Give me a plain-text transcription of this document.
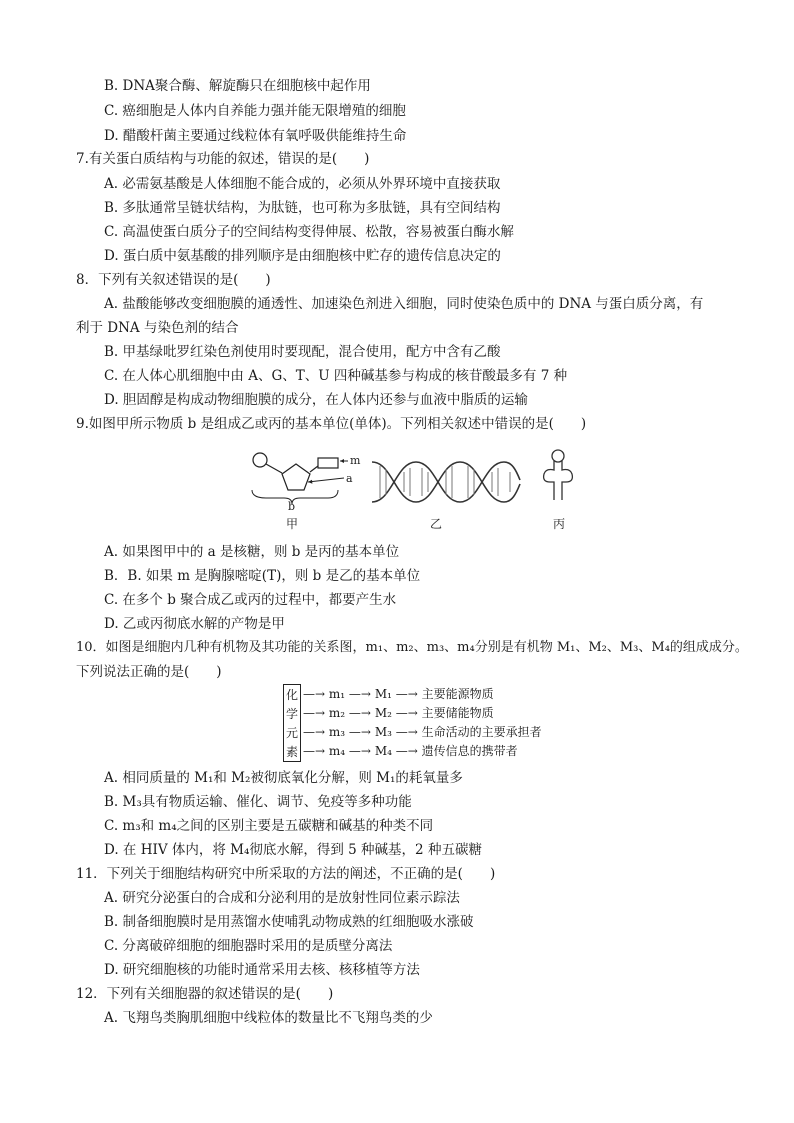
B. DNA聚合酶、解旋酶只在细胞核中起作用
C. 癌细胞是人体内自养能力强并能无限增殖的细胞
D. 醋酸杆菌主要通过线粒体有氧呼吸供能维持生命
7.有关蛋白质结构与功能的叙述，错误的是(　　)
A. 必需氨基酸是人体细胞不能合成的，必须从外界环境中直接获取
B. 多肽通常呈链状结构，为肽链，也可称为多肽链，具有空间结构
C. 高温使蛋白质分子的空间结构变得伸展、松散，容易被蛋白酶水解
D. 蛋白质中氨基酸的排列顺序是由细胞核中贮存的遗传信息决定的
8．下列有关叙述错误的是(　　)
A. 盐酸能够改变细胞膜的通透性、加速染色剂进入细胞，同时使染色质中的 DNA 与蛋白质分离，有
利于 DNA 与染色剂的结合
B. 甲基绿吡罗红染色剂使用时要现配，混合使用，配方中含有乙酸
C. 在人体心肌细胞中由 A、G、T、U 四种碱基参与构成的核苷酸最多有 7 种
D. 胆固醇是构成动物细胞膜的成分，在人体内还参与血液中脂质的运输
9.如图甲所示物质 b 是组成乙或丙的基本单位(单体)。下列相关叙述中错误的是(　　)
m
a
b
甲	乙	丙
A. 如果图甲中的 a 是核糖，则 b 是丙的基本单位
B．B. 如果 m 是胸腺嘧啶(T)，则 b 是乙的基本单位
C. 在多个 b 聚合成乙或丙的过程中，都要产生水
D. 乙或丙彻底水解的产物是甲
10．如图是细胞内几种有机物及其功能的关系图，m₁、m₂、m₃、m₄分别是有机物 M₁、M₂、M₃、M₄的组成成分。
下列说法正确的是(　　)
化
学
元
素
—→ m₁ —→ M₁ —→ 主要能源物质
—→ m₂ —→ M₂ —→ 主要储能物质
—→ m₃ —→ M₃ —→ 生命活动的主要承担者
—→ m₄ —→ M₄ —→ 遗传信息的携带者
A. 相同质量的 M₁和 M₂被彻底氧化分解，则 M₁的耗氧量多
B. M₃具有物质运输、催化、调节、免疫等多种功能
C. m₃和 m₄之间的区别主要是五碳糖和碱基的种类不同
D. 在 HIV 体内，将 M₄彻底水解，得到 5 种碱基，2 种五碳糖
11．下列关于细胞结构研究中所采取的方法的阐述，不正确的是(　　)
A. 研究分泌蛋白的合成和分泌利用的是放射性同位素示踪法
B. 制备细胞膜时是用蒸馏水使哺乳动物成熟的红细胞吸水涨破
C. 分离破碎细胞的细胞器时采用的是质壁分离法
D. 研究细胞核的功能时通常采用去核、核移植等方法
12．下列有关细胞器的叙述错误的是(　　)
A. 飞翔鸟类胸肌细胞中线粒体的数量比不飞翔鸟类的少
